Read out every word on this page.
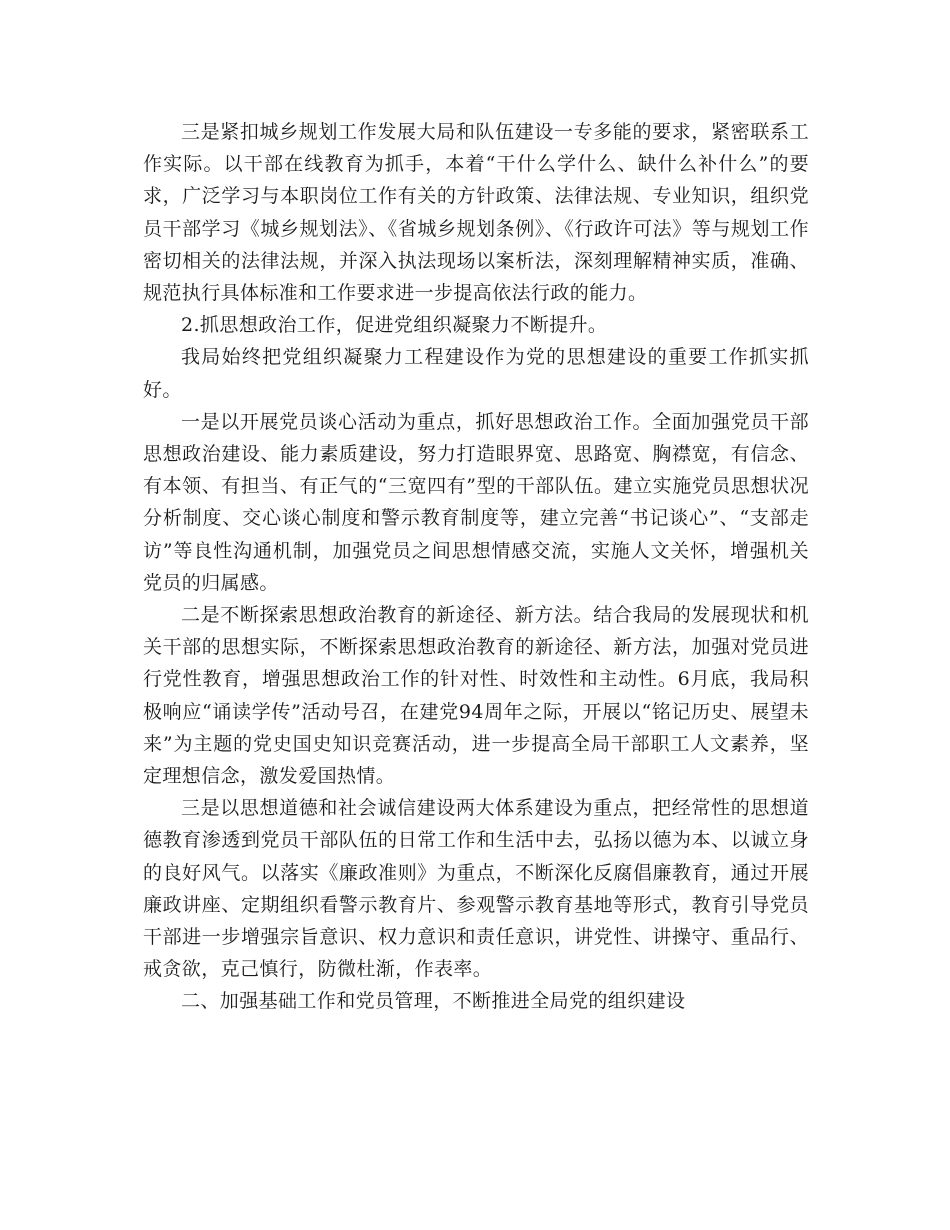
三是紧扣城乡规划工作发展大局和队伍建设一专多能的要求，紧密联系工作实际。以干部在线教育为抓手，本着“干什么学什么、缺什么补什么”的要求，广泛学习与本职岗位工作有关的方针政策、法律法规、专业知识，组织党员干部学习《城乡规划法》、《省城乡规划条例》、《行政许可法》等与规划工作密切相关的法律法规，并深入执法现场以案析法，深刻理解精神实质，准确、规范执行具体标准和工作要求进一步提高依法行政的能力。

2.抓思想政治工作，促进党组织凝聚力不断提升。

我局始终把党组织凝聚力工程建设作为党的思想建设的重要工作抓实抓好。

一是以开展党员谈心活动为重点，抓好思想政治工作。全面加强党员干部思想政治建设、能力素质建设，努力打造眼界宽、思路宽、胸襟宽，有信念、有本领、有担当、有正气的“三宽四有”型的干部队伍。建立实施党员思想状况分析制度、交心谈心制度和警示教育制度等，建立完善“书记谈心”、“支部走访”等良性沟通机制，加强党员之间思想情感交流，实施人文关怀，增强机关党员的归属感。

二是不断探索思想政治教育的新途径、新方法。结合我局的发展现状和机关干部的思想实际，不断探索思想政治教育的新途径、新方法，加强对党员进行党性教育，增强思想政治工作的针对性、时效性和主动性。6月底，我局积极响应“诵读学传”活动号召，在建党94周年之际，开展以“铭记历史、展望未来”为主题的党史国史知识竞赛活动，进一步提高全局干部职工人文素养，坚定理想信念，激发爱国热情。

三是以思想道德和社会诚信建设两大体系建设为重点，把经常性的思想道德教育渗透到党员干部队伍的日常工作和生活中去，弘扬以德为本、以诚立身的良好风气。以落实《廉政准则》为重点，不断深化反腐倡廉教育，通过开展廉政讲座、定期组织看警示教育片、参观警示教育基地等形式，教育引导党员干部进一步增强宗旨意识、权力意识和责任意识，讲党性、讲操守、重品行、戒贪欲，克己慎行，防微杜渐，作表率。

二、加强基础工作和党员管理，不断推进全局党的组织建设
